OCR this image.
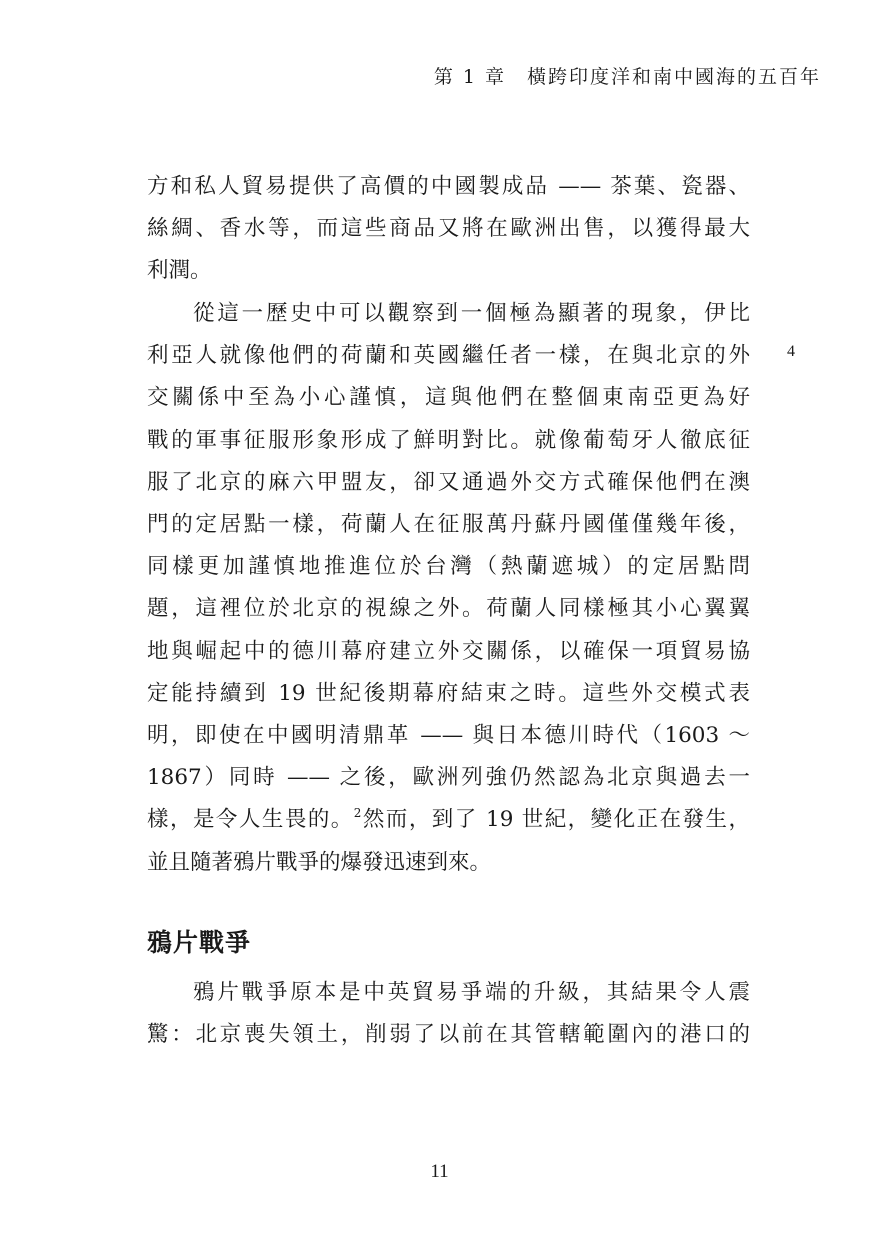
第 1 章　橫跨印度洋和南中國海的五百年
4
方和私人貿易提供了高價的中國製成品 —— 茶葉、瓷器、
絲綢、香水等，而這些商品又將在歐洲出售，以獲得最大
利潤。
從這一歷史中可以觀察到一個極為顯著的現象，伊比
利亞人就像他們的荷蘭和英國繼任者一樣，在與北京的外
交關係中至為小心謹慎，這與他們在整個東南亞更為好
戰的軍事征服形象形成了鮮明對比。就像葡萄牙人徹底征
服了北京的麻六甲盟友，卻又通過外交方式確保他們在澳
門的定居點一樣，荷蘭人在征服萬丹蘇丹國僅僅幾年後，
同樣更加謹慎地推進位於台灣（熱蘭遮城）的定居點問
題，這裡位於北京的視線之外。荷蘭人同樣極其小心翼翼
地與崛起中的德川幕府建立外交關係，以確保一項貿易協
定能持續到 19 世紀後期幕府結束之時。這些外交模式表
明，即使在中國明清鼎革 —— 與日本德川時代（1603 ～
1867）同時 —— 之後，歐洲列強仍然認為北京與過去一
樣，是令人生畏的。$^2$然而，到了 19 世紀，變化正在發生，
並且隨著鴉片戰爭的爆發迅速到來。
鴉片戰爭
鴉片戰爭原本是中英貿易爭端的升級，其結果令人震
驚：北京喪失領土，削弱了以前在其管轄範圍內的港口的
11
